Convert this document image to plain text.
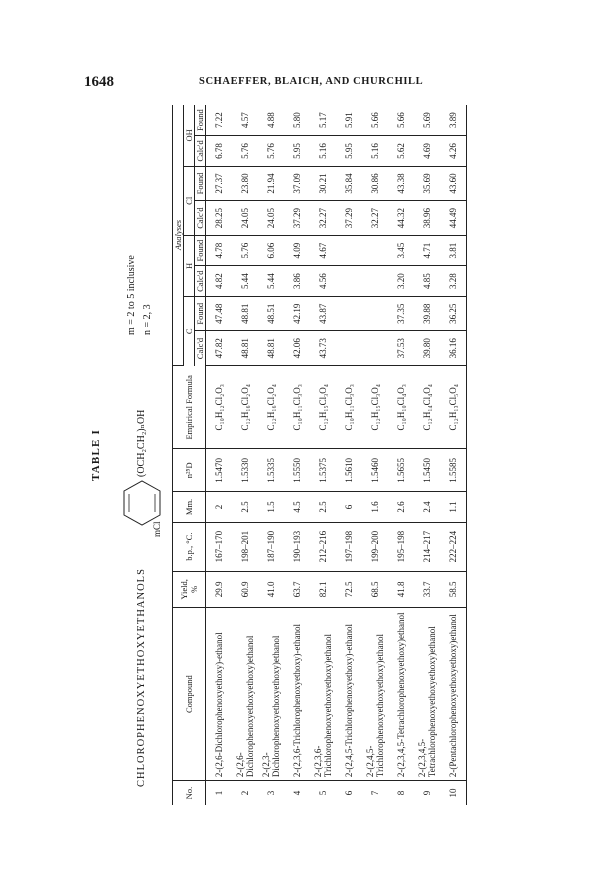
1648	SCHAEFFER, BLAICH, AND CHURCHILL
TABLE I
CHLOROPHENOXYETHOXYETHANOLS
mCl
(OCH₂CH₂)ₙOH
m = 2 to 5 inclusive n = 2, 3
No.	Compound	Yield, %	b.p., °C.	Mm.	n²⁵D	Empirical Formula	Analyses							
							C		H		Cl		OH	
							Calc'd	Found	Calc'd	Found	Calc'd	Found	Calc'd	Found
1	2-(2,6-Dichlorophenoxyethoxy)-ethanol	29.9	167–170	2	1.5470	C₁₀H₁₂Cl₂O₃	47.82	47.48	4.82	4.78	28.25	27.37	6.78	7.22
2	2-(2,6-Dichlorophenoxyethoxyethoxy)ethanol	60.9	198–201	2.5	1.5330	C₁₂H₁₆Cl₂O₄	48.81	48.81	5.44	5.76	24.05	23.80	5.76	4.57
3	2-(2,3-Dichlorophenoxyethoxyethoxy)ethanol	41.0	187–190	1.5	1.5335	C₁₂H₁₆Cl₂O₄	48.81	48.51	5.44	6.06	24.05	21.94	5.76	4.88
4	2-(2,3,6-Trichlorophenoxyethoxy)-ethanol	63.7	190–193	4.5	1.5550	C₁₀H₁₁Cl₃O₃	42.06	42.19	3.86	4.09	37.29	37.09	5.95	5.80
5	2-(2,3,6-Trichlorophenoxyethoxyethoxy)ethanol	82.1	212–216	2.5	1.5375	C₁₂H₁₅Cl₃O₄	43.73	43.87	4.56	4.67	32.27	30.21	5.16	5.17
6	2-(2,4,5-Trichlorophenoxyethoxy)-ethanol	72.5	197–198	6	1.5610	C₁₀H₁₁Cl₃O₃					37.29	35.84	5.95	5.91
7	2-(2,4,5-Trichlorophenoxyethoxyethoxy)ethanol	68.5	199–200	1.6	1.5460	C₁₂H₁₅Cl₃O₄					32.27	30.86	5.16	5.66
8	2-(2,3,4,5-Tetrachlorophenoxyethoxy)ethanol	41.8	195–198	2.6	1.5655	C₁₀H₁₀Cl₄O₃	37.53	37.35	3.20	3.45	44.32	43.38	5.62	5.66
9	2-(2,3,4,5-Tetrachlorophenoxyethoxyethoxy)ethanol	33.7	214–217	2.4	1.5450	C₁₂H₁₄Cl₄O₄	39.80	39.88	4.85	4.71	38.96	35.69	4.69	5.69
10	2-(Pentachlorophenoxyethoxyethoxy)ethanol	58.5	222–224	1.1	1.5585	C₁₂H₁₃Cl₅O₄	36.16	36.25	3.28	3.81	44.49	43.60	4.26	3.89
